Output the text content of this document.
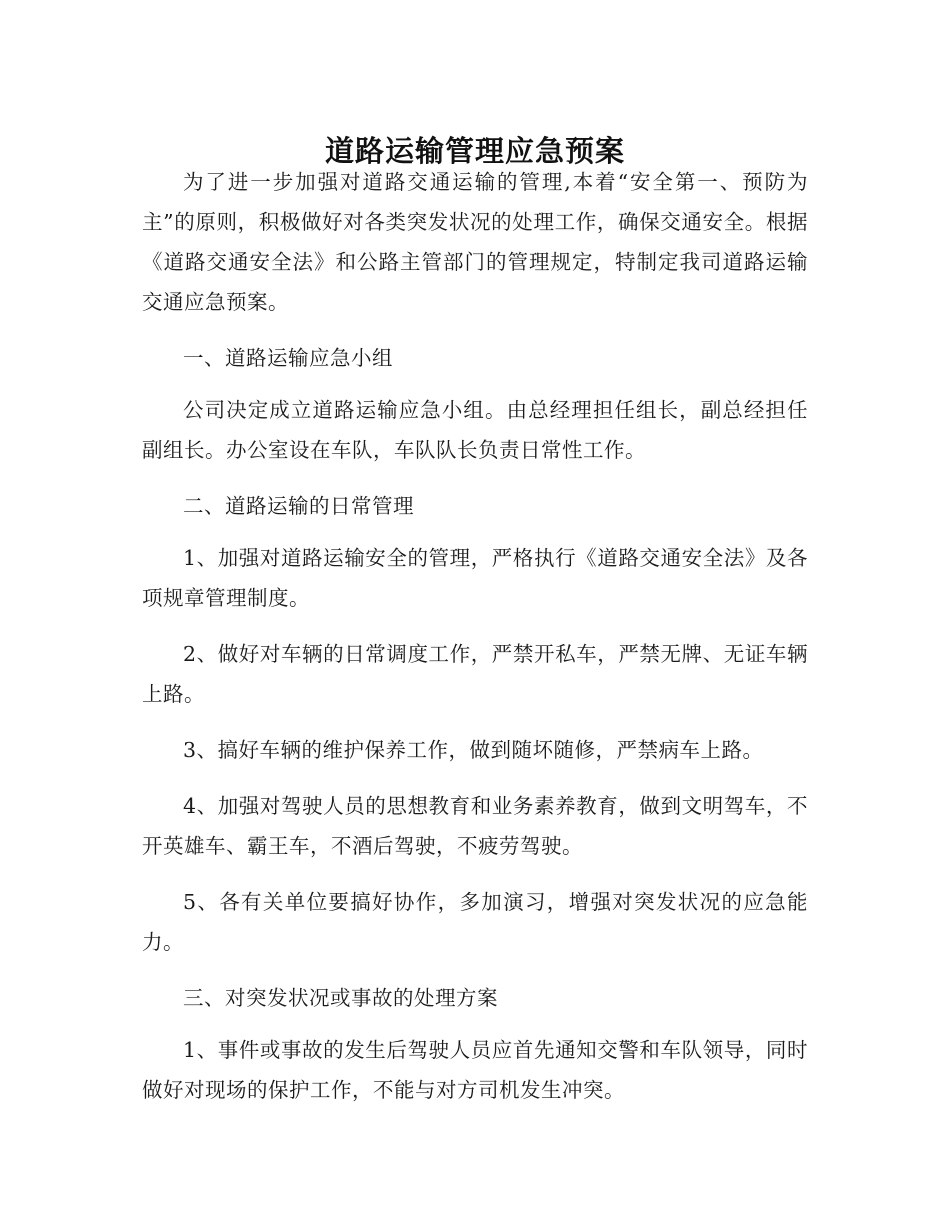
道路运输管理应急预案

为了进一步加强对道路交通运输的管理,本着“安全第一、预防为主”的原则，积极做好对各类突发状况的处理工作，确保交通安全。根据《道路交通安全法》和公路主管部门的管理规定，特制定我司道路运输交通应急预案。

一、道路运输应急小组

公司决定成立道路运输应急小组。由总经理担任组长，副总经担任副组长。办公室设在车队，车队队长负责日常性工作。

二、道路运输的日常管理

1、加强对道路运输安全的管理，严格执行《道路交通安全法》及各项规章管理制度。

2、做好对车辆的日常调度工作，严禁开私车，严禁无牌、无证车辆上路。

3、搞好车辆的维护保养工作，做到随坏随修，严禁病车上路。

4、加强对驾驶人员的思想教育和业务素养教育，做到文明驾车，不开英雄车、霸王车，不酒后驾驶，不疲劳驾驶。

5、各有关单位要搞好协作，多加演习，增强对突发状况的应急能力。

三、对突发状况或事故的处理方案

1、事件或事故的发生后驾驶人员应首先通知交警和车队领导，同时做好对现场的保护工作，不能与对方司机发生冲突。
